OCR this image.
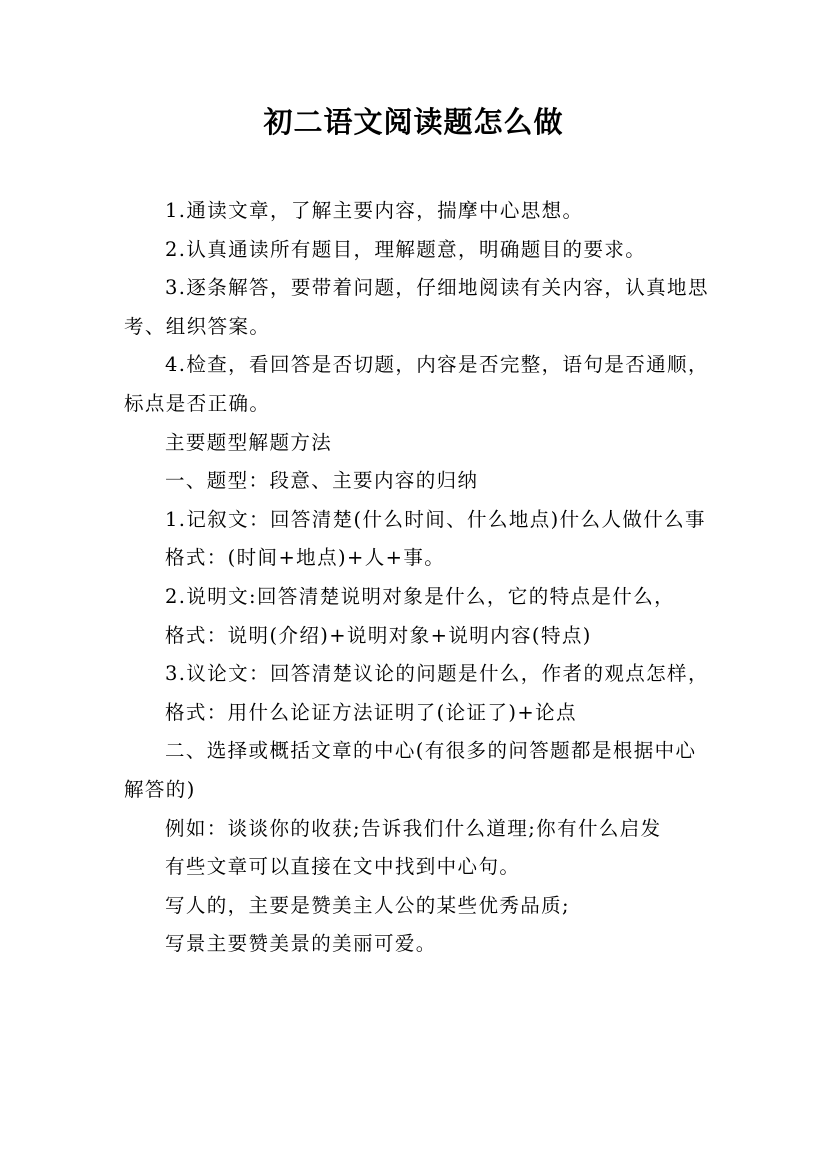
初二语文阅读题怎么做

1.通读文章，了解主要内容，揣摩中心思想。

2.认真通读所有题目，理解题意，明确题目的要求。

3.逐条解答，要带着问题，仔细地阅读有关内容，认真地思考、组织答案。

4.检查，看回答是否切题，内容是否完整，语句是否通顺，标点是否正确。

主要题型解题方法

一、题型：段意、主要内容的归纳

1.记叙文：回答清楚(什么时间、什么地点)什么人做什么事

格式：(时间+地点)+人+事。

2.说明文:回答清楚说明对象是什么，它的特点是什么，

格式：说明(介绍)+说明对象+说明内容(特点)

3.议论文：回答清楚议论的问题是什么，作者的观点怎样，

格式：用什么论证方法证明了(论证了)+论点

二、选择或概括文章的中心(有很多的问答题都是根据中心解答的)

例如：谈谈你的收获;告诉我们什么道理;你有什么启发

有些文章可以直接在文中找到中心句。

写人的，主要是赞美主人公的某些优秀品质;

写景主要赞美景的美丽可爱。
